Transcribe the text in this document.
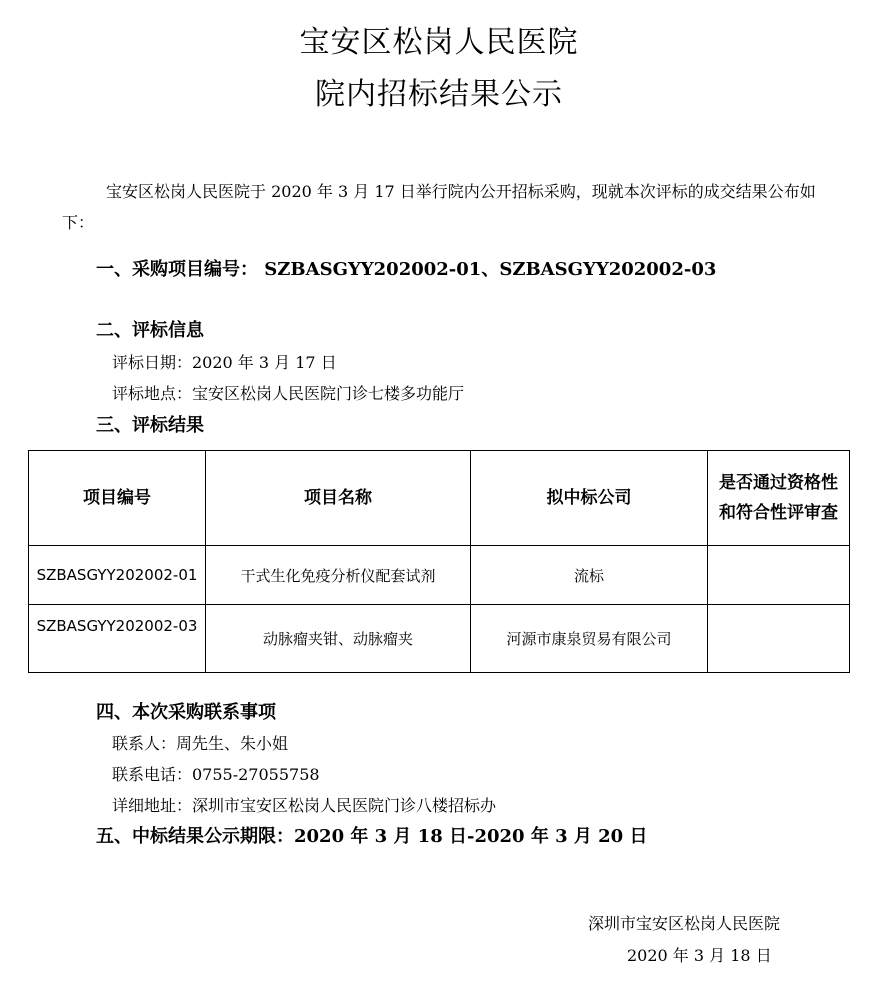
宝安区松岗人民医院
院内招标结果公示
宝安区松岗人民医院于 2020 年 3 月 17 日举行院内公开招标采购，现就本次评标的成交结果公布如下：
一、采购项目编号： SZBASGYY202002-01、SZBASGYY202002-03
二、评标信息
评标日期：2020 年 3 月 17 日
评标地点：宝安区松岗人民医院门诊七楼多功能厅
三、评标结果
项目编号	项目名称	拟中标公司	是否通过资格性和符合性评审查
SZBASGYY202002-01	干式生化免疫分析仪配套试剂	流标	
SZBASGYY202002-03	动脉瘤夹钳、动脉瘤夹	河源市康泉贸易有限公司	
四、本次采购联系事项
联系人：周先生、朱小姐
联系电话：0755-27055758
详细地址：深圳市宝安区松岗人民医院门诊八楼招标办
五、中标结果公示期限：2020 年 3 月 18 日-2020 年 3 月 20 日
深圳市宝安区松岗人民医院
2020 年 3 月 18 日
